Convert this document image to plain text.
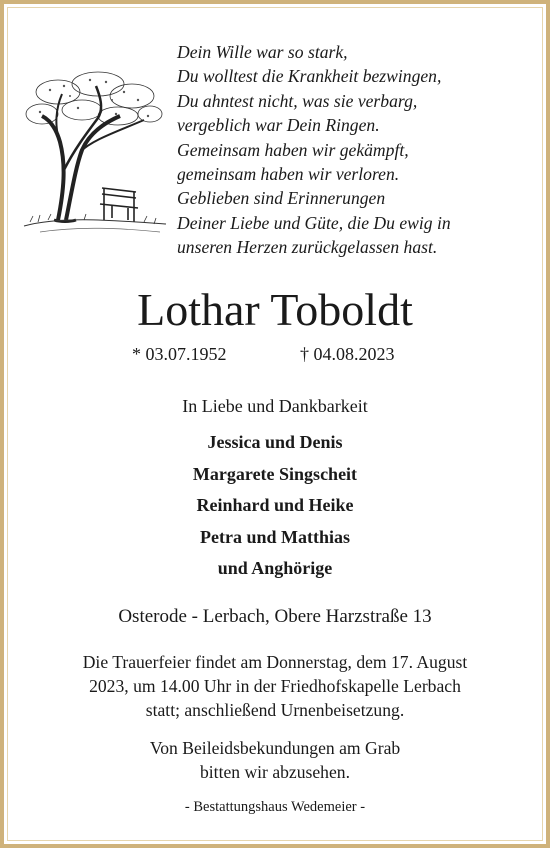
Dein Wille war so stark,
Du wolltest die Krankheit bezwingen,
Du ahntest nicht, was sie verbarg,
vergeblich war Dein Ringen.
Gemeinsam haben wir gekämpft,
gemeinsam haben wir verloren.
Geblieben sind Erinnerungen
Deiner Liebe und Güte, die Du ewig in
unseren Herzen zurückgelassen hast.
Lothar Toboldt
* 03.07.1952	† 04.08.2023
In Liebe und Dankbarkeit
Jessica und Denis
Margarete Singscheit
Reinhard und Heike
Petra und Matthias
und Anghörige
Osterode - Lerbach, Obere Harzstraße 13
Die Trauerfeier findet am Donnerstag, dem 17. August
2023, um 14.00 Uhr in der Friedhofskapelle Lerbach
statt; anschließend Urnenbeisetzung.
Von Beileidsbekundungen am Grab
bitten wir abzusehen.
- Bestattungshaus Wedemeier -
